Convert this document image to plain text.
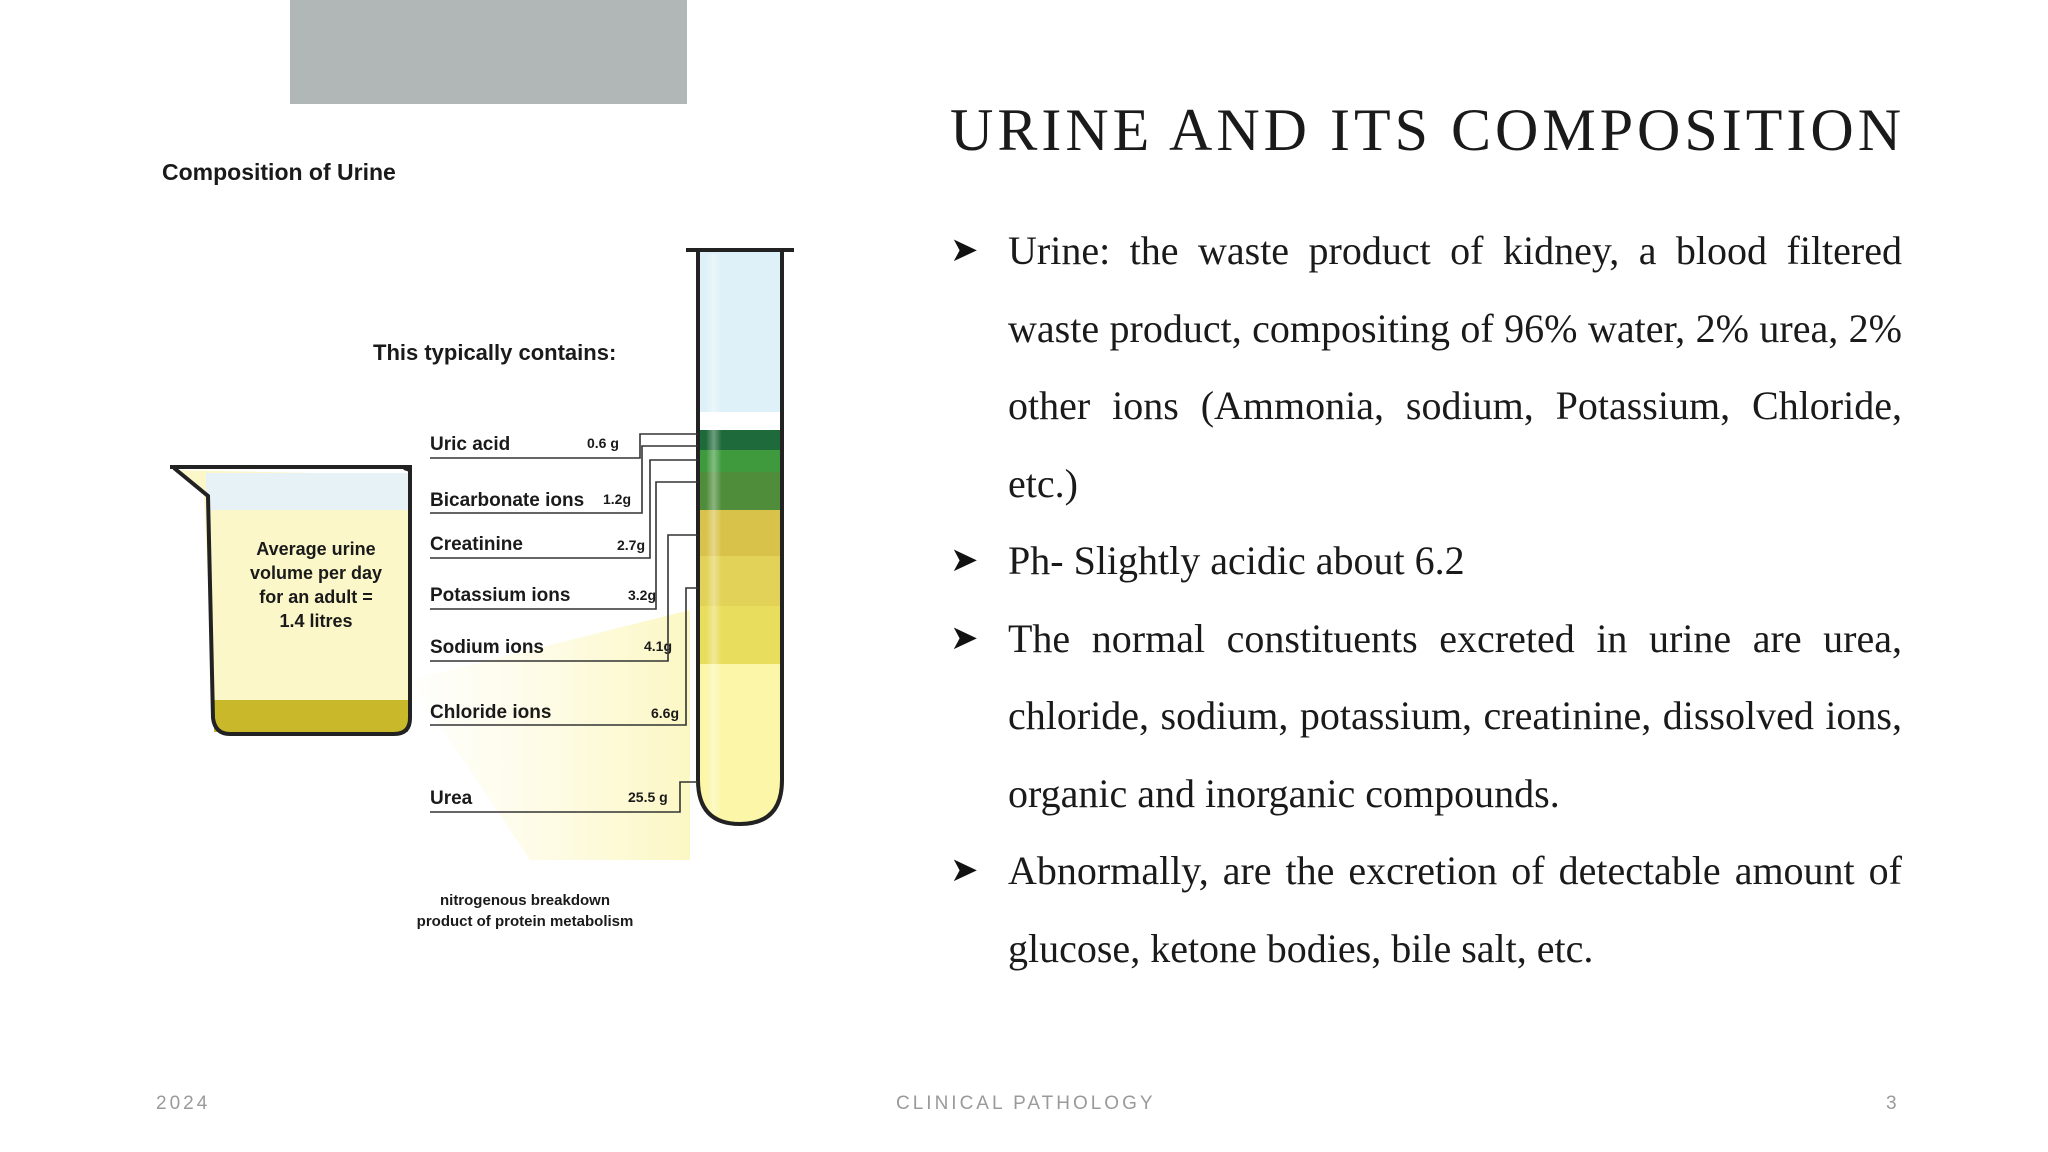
Composition of Urine
Average urine
volume per day
for an adult =
1.4 litres
This typically contains:
Uric acid	0.6 g
Bicarbonate ions 1.2g
Creatinine	2.7g
Potassium ions	3.2g
Sodium ions	4.1g
Chloride ions	6.6g
Urea	25.5 g
nitrogenous breakdown
product of protein metabolism
URINE AND ITS COMPOSITION
➤ Urine: the waste product of kidney, a blood filtered waste product, compositing of 96% water, 2% urea, 2% other ions (Ammonia, sodium, Potassium, Chloride, etc.)
➤ Ph- Slightly acidic about 6.2
➤ The normal constituents excreted in urine are urea, chloride, sodium, potassium, creatinine, dissolved ions, organic and inorganic compounds.
➤ Abnormally, are the excretion of detectable amount of glucose, ketone bodies, bile salt, etc.
2024	CLINICAL PATHOLOGY	3
